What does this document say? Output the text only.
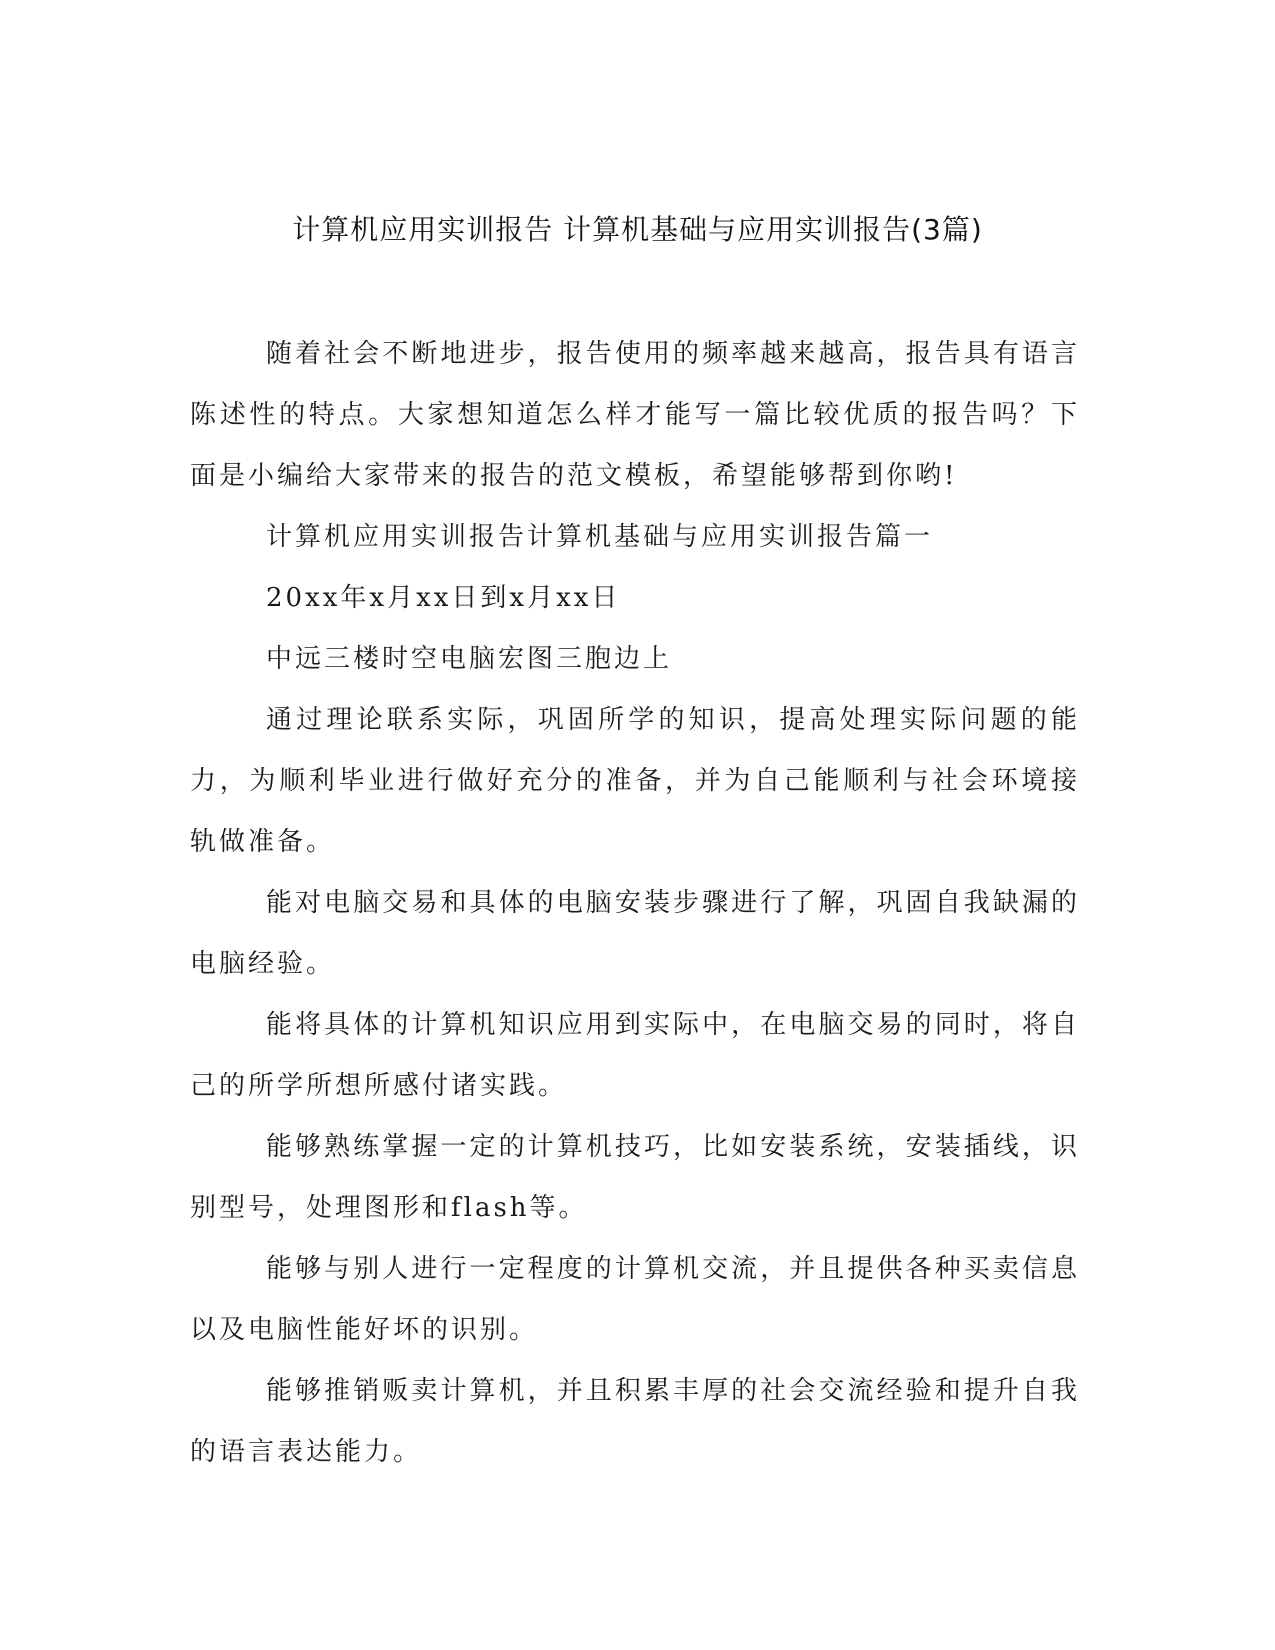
计算机应用实训报告 计算机基础与应用实训报告(3篇)

随着社会不断地进步，报告使用的频率越来越高，报告具有语言陈述性的特点。大家想知道怎么样才能写一篇比较优质的报告吗？下面是小编给大家带来的报告的范文模板，希望能够帮到你哟!

计算机应用实训报告计算机基础与应用实训报告篇一

20xx年x月xx日到x月xx日

中远三楼时空电脑宏图三胞边上

通过理论联系实际，巩固所学的知识，提高处理实际问题的能力，为顺利毕业进行做好充分的准备，并为自己能顺利与社会环境接轨做准备。

能对电脑交易和具体的电脑安装步骤进行了解，巩固自我缺漏的电脑经验。

能将具体的计算机知识应用到实际中，在电脑交易的同时，将自己的所学所想所感付诸实践。

能够熟练掌握一定的计算机技巧，比如安装系统，安装插线，识别型号，处理图形和flash等。

能够与别人进行一定程度的计算机交流，并且提供各种买卖信息以及电脑性能好坏的识别。

能够推销贩卖计算机，并且积累丰厚的社会交流经验和提升自我的语言表达能力。
